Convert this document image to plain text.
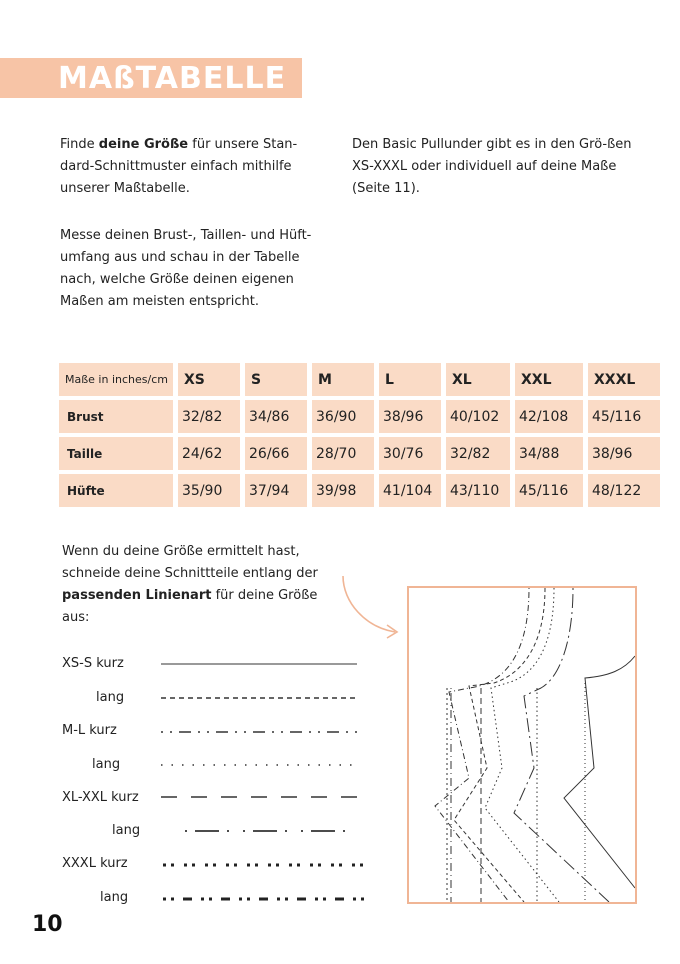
MAßTABELLE

Finde deine Größe für unsere Stan-dard-Schnittmuster einfach mithilfe unserer Maßtabelle.

Messe deinen Brust-, Taillen- und Hüft-umfang aus und schau in der Tabelle nach, welche Größe deinen eigenen Maßen am meisten entspricht.

Den Basic Pullunder gibt es in den Grö-ßen XS-XXXL oder individuell auf deine Maße (Seite 11).

Maße in inches/cm	XS	S	M	L	XL	XXL	XXXL
Brust	32/82	34/86	36/90	38/96	40/102	42/108	45/116
Taille	24/62	26/66	28/70	30/76	32/82	34/88	38/96
Hüfte	35/90	37/94	39/98	41/104	43/110	45/116	48/122

Wenn du deine Größe ermittelt hast, schneide deine Schnittteile entlang der passenden Linienart für deine Größe aus:

XS-S kurz

lang

M-L kurz

lang

XL-XXL kurz

lang

XXXL kurz

lang

10
